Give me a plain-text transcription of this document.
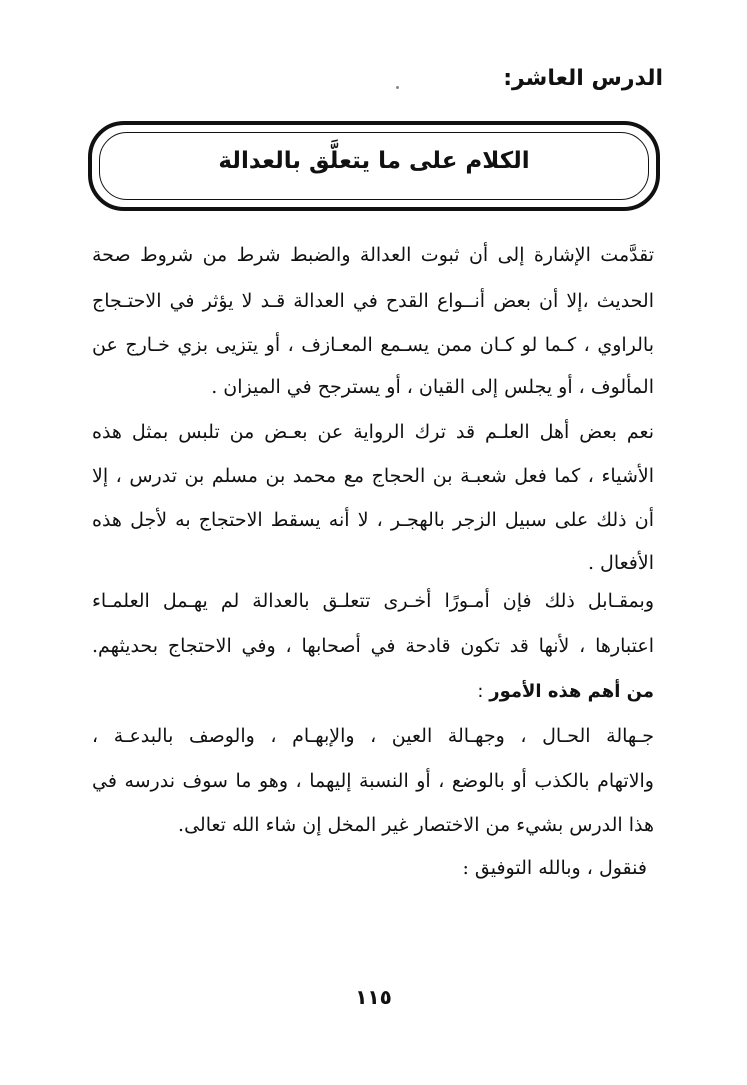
الدرس العاشر:
الكلام على ما يتعلَّق بالعدالة
تقدَّمت الإشارة إلى أن ثبوت العدالة والضبط شرط من شروط صحة
الحديث ،إلا أن بعض أنــواع القدح في العدالة قـد لا يؤثر في الاحتـجاج
بالراوي ، كـما لو كـان ممن يسـمع المعـازف ، أو يتزيى بزي خـارج عن
المألوف ، أو يجلس إلى القيان ، أو يسترجح في الميزان .
نعم بعض أهل العلـم قد ترك الرواية عن بعـض من تلبس بمثل هذه
الأشياء ، كما فعل شعبـة بن الحجاج مع محمد بن مسلم بن تدرس ، إلا
أن ذلك على سبيل الزجر بالهجـر ، لا أنه يسقط الاحتجاج به لأجل هذه
الأفعال .
وبمقـابل ذلك فإن أمـورًا أخـرى تتعلـق بالعدالة لم يهـمل العلمـاء
اعتبارها ، لأنها قد تكون قادحة في أصحابها ، وفي الاحتجاج بحديثهم.
من أهم هذه الأمور :
جـهالة الحـال ، وجهـالة العين ، والإبهـام ، والوصف بالبدعـة ،
والاتهام بالكذب أو بالوضع ، أو النسبة إليهما ، وهو ما سوف ندرسه في
هذا الدرس بشيء من الاختصار غير المخل إن شاء الله تعالى.
فنقول ، وبالله التوفيق :
١١٥
